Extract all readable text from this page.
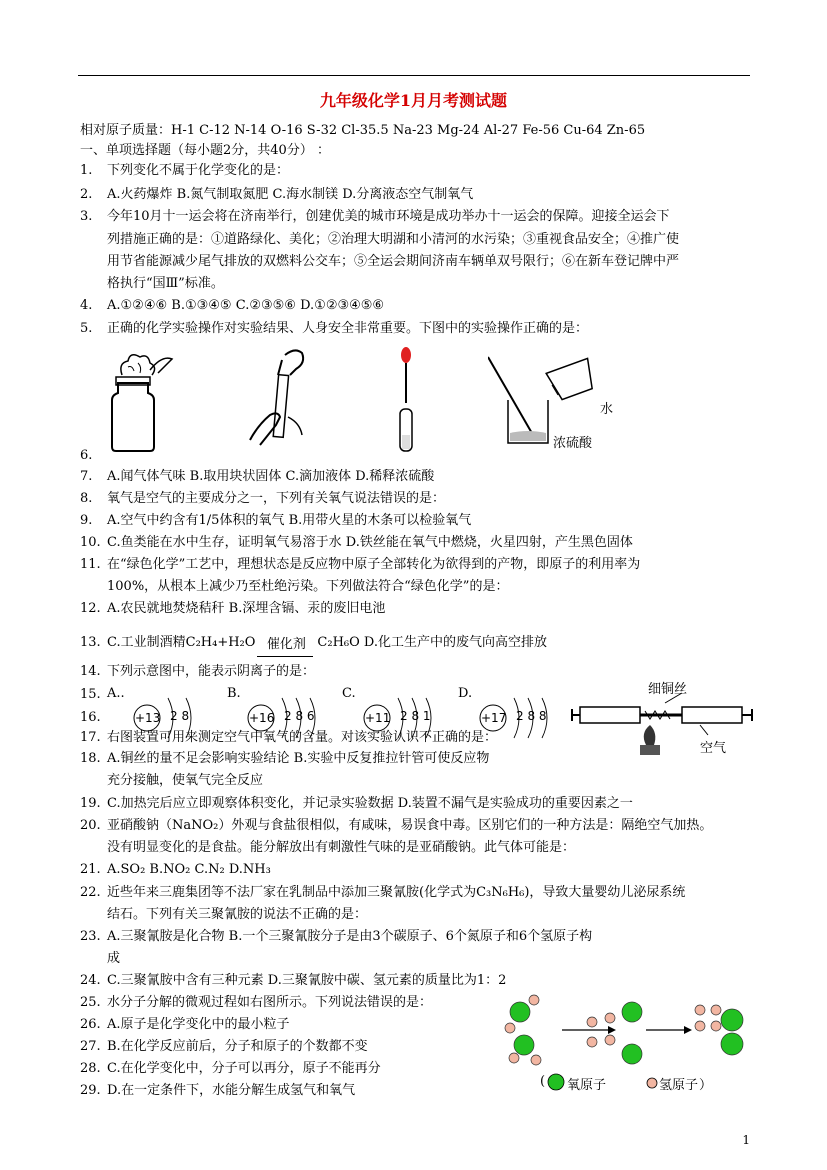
九年级化学1月月考测试题
相对原子质量：H-1 C-12 N-14 O-16 S-32 Cl-35.5 Na-23 Mg-24 Al-27 Fe-56 Cu-64 Zn-65
一、单项选择题（每小题2分，共40分） ：
1. 下列变化不属于化学变化的是：
2. A.火药爆炸 B.氮气制取氮肥 C.海水制镁 D.分离液态空气制氧气
3. 今年10月十一运会将在济南举行，创建优美的城市环境是成功举办十一运会的保障。迎接全运会下
列措施正确的是：①道路绿化、美化；②治理大明湖和小清河的水污染；③重视食品安全；④推广使
用节省能源减少尾气排放的双燃料公交车；⑤全运会期间济南车辆单双号限行；⑥在新车登记牌中严
格执行“国Ⅲ”标准。
4. A.①②④⑥ B.①③④⑤ C.②③⑤⑥ D.①②③④⑤⑥
5. 正确的化学实验操作对实验结果、人身安全非常重要。下图中的实验操作正确的是：
6.
水
浓硫酸
7. A.闻气体气味 B.取用块状固体 C.滴加液体 D.稀释浓硫酸
8. 氧气是空气的主要成分之一，下列有关氧气说法错误的是：
9. A.空气中约含有1/5体积的氧气 B.用带火星的木条可以检验氧气
10. C.鱼类能在水中生存，证明氧气易溶于水 D.铁丝能在氧气中燃烧，火星四射，产生黑色固体
11. 在“绿色化学”工艺中，理想状态是反应物中原子全部转化为欲得到的产物，即原子的利用率为
100%，从根本上减少乃至杜绝污染。下列做法符合“绿色化学”的是：
12. A.农民就地焚烧秸秆 B.深埋含镉、汞的废旧电池
13. C.工业制酒精C₂H₄+H₂O 催化剂 C₂H₆O D.化工生产中的废气向高空排放
14. 下列示意图中，能表示阴离子的是：
15. A..	B.	C.	D.
16.	+13 2 8	+16 2 8 6	+11 2 8 1	+17 2 8 8
细铜丝
空气
17. 右图装置可用来测定空气中氧气的含量。对该实验认识不正确的是：
18. A.铜丝的量不足会影响实验结论 B.实验中反复推拉针管可使反应物
充分接触，使氧气完全反应
19. C.加热完后应立即观察体积变化，并记录实验数据 D.装置不漏气是实验成功的重要因素之一
20. 亚硝酸钠（NaNO₂）外观与食盐很相似，有咸味，易误食中毒。区别它们的一种方法是：隔绝空气加热。
没有明显变化的是食盐。能分解放出有刺激性气味的是亚硝酸钠。此气体可能是：
21. A.SO₂ B.NO₂ C.N₂ D.NH₃
22. 近些年来三鹿集团等不法厂家在乳制品中添加三聚氰胺(化学式为C₃N₆H₆)，导致大量婴幼儿泌尿系统
结石。下列有关三聚氰胺的说法不正确的是：
23. A.三聚氰胺是化合物 B.一个三聚氰胺分子是由3个碳原子、6个氮原子和6个氢原子构
成
24. C.三聚氰胺中含有三种元素 D.三聚氰胺中碳、氢元素的质量比为1：2
25. 水分子分解的微观过程如右图所示。下列说法错误的是：
26. A.原子是化学变化中的最小粒子
27. B.在化学反应前后，分子和原子的个数都不变
28. C.在化学变化中，分子可以再分，原子不能再分
29. D.在一定条件下，水能分解生成氢气和氧气
( 氧原子	氢原子 ）
1
